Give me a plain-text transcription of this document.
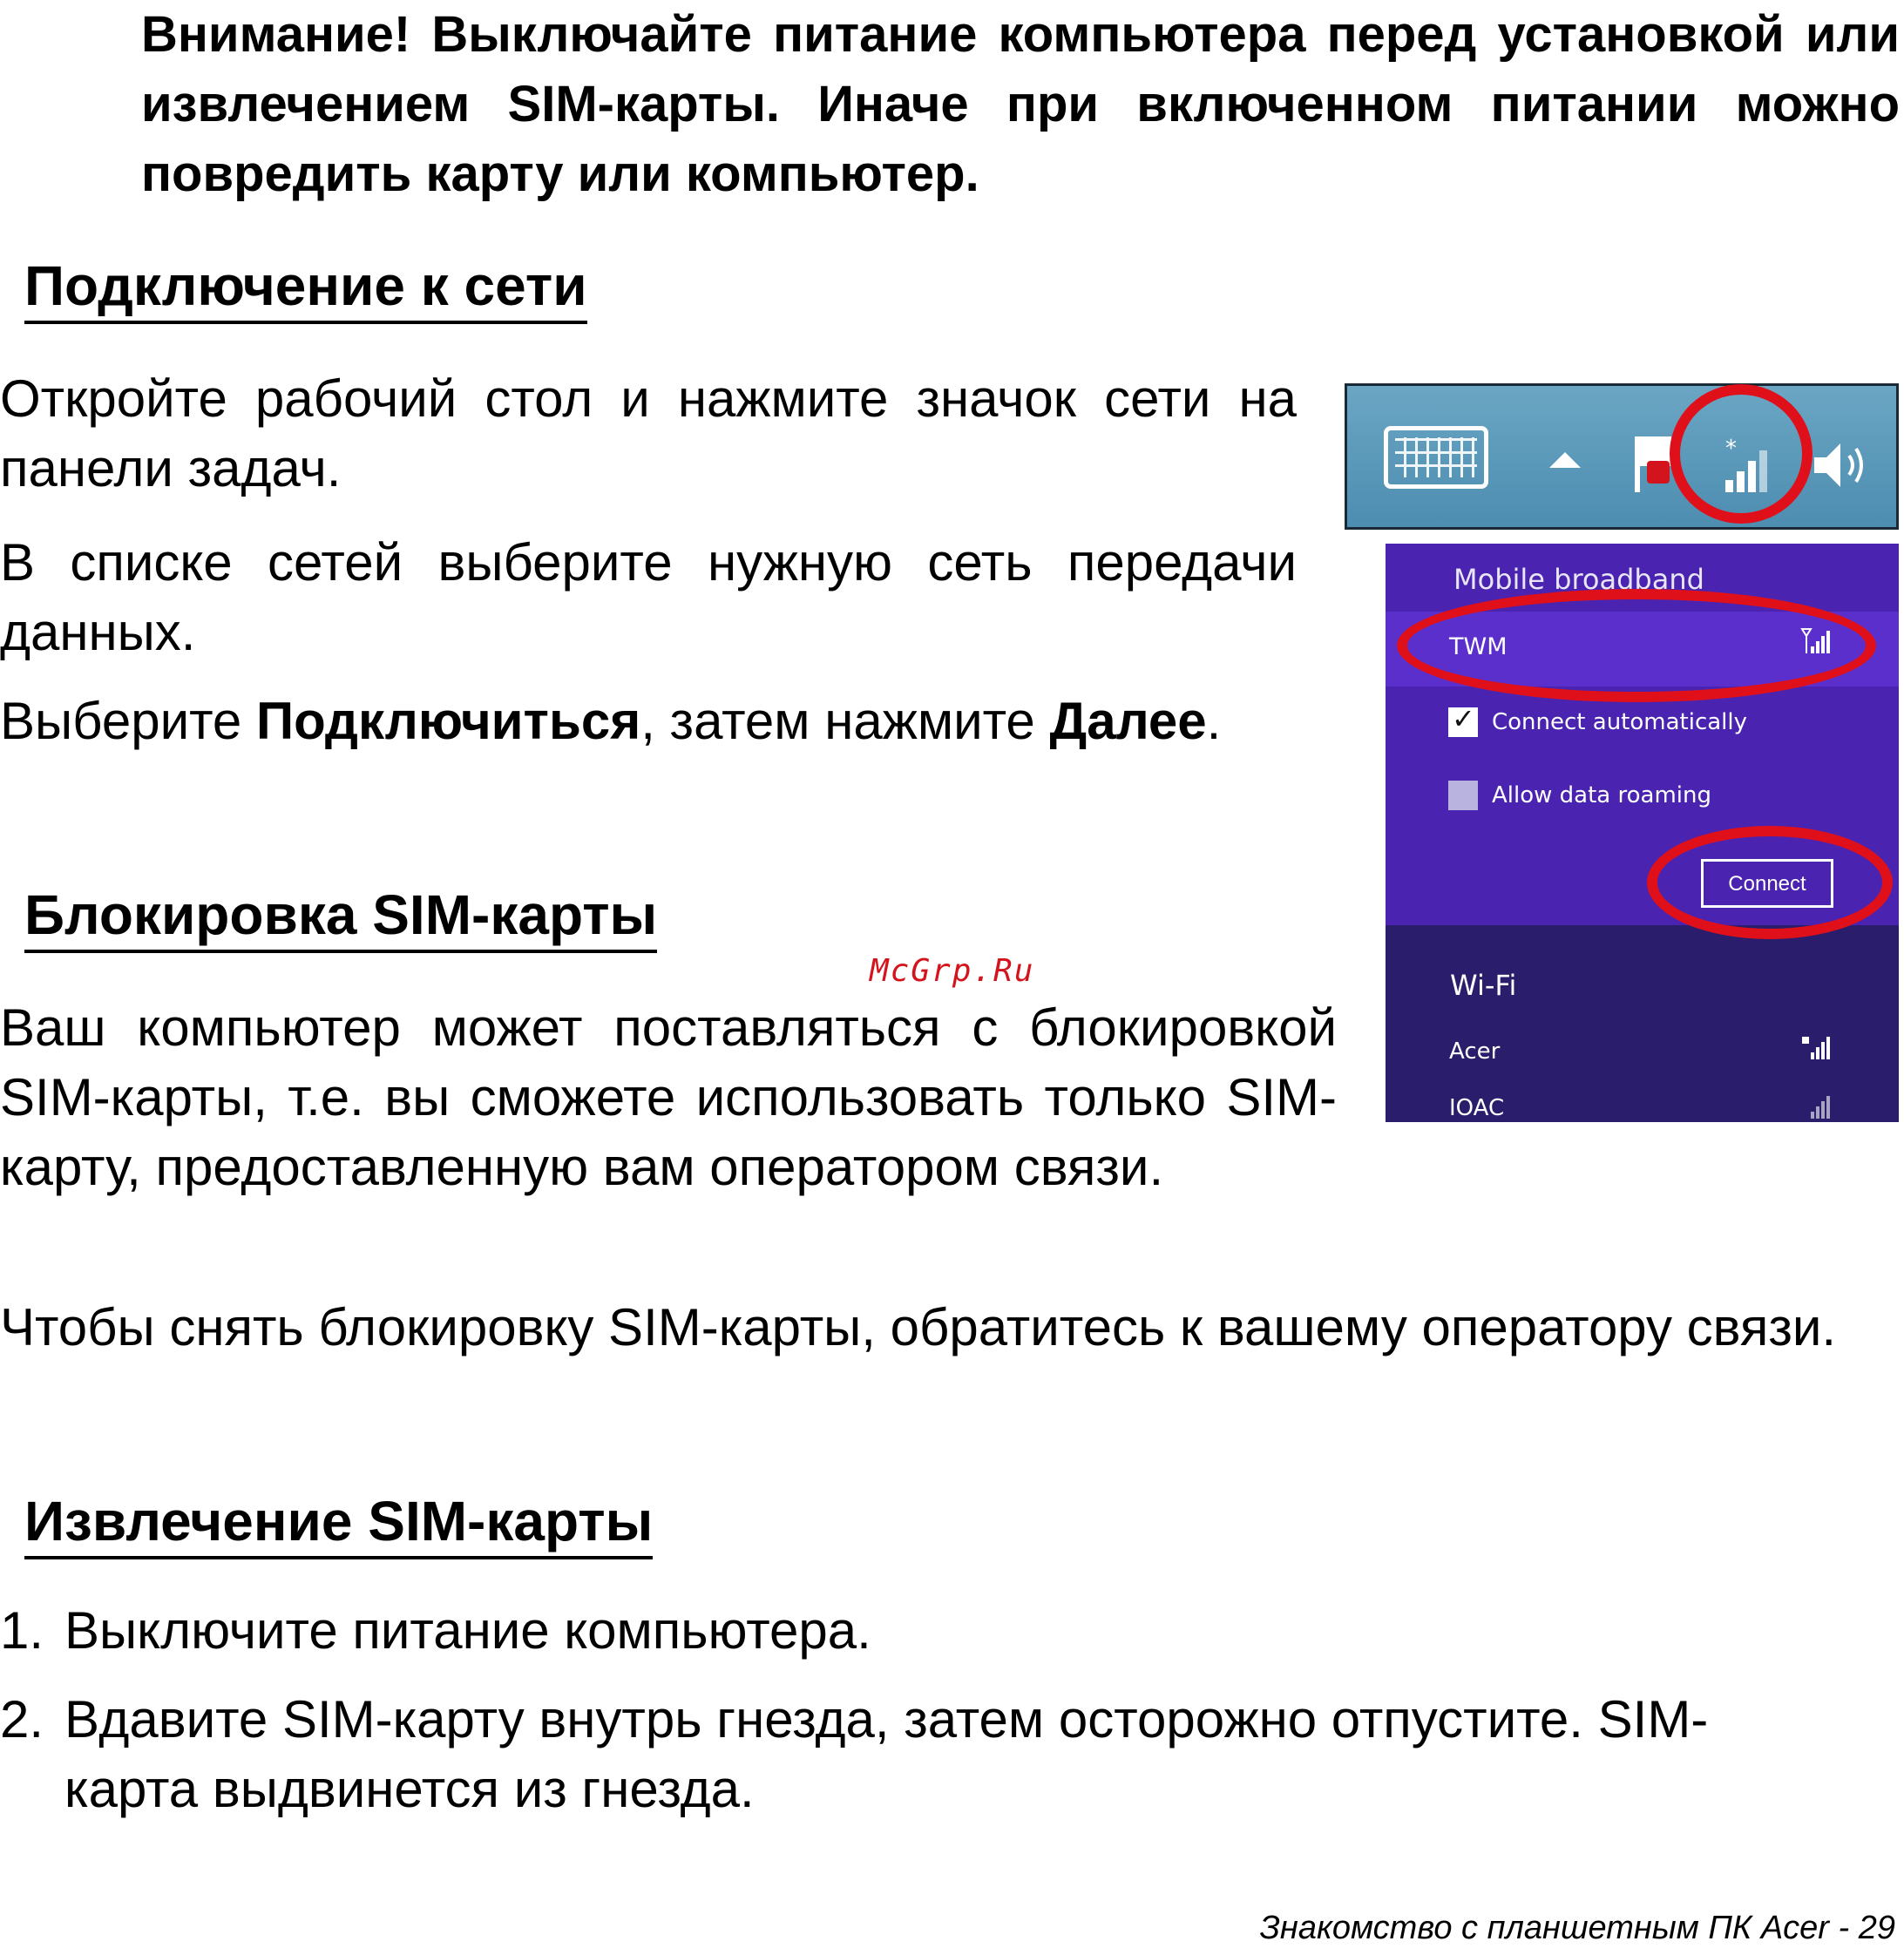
Внимание! Выключайте питание компьютера перед установкой или извлечением SIM-карты. Иначе при включенном питании можно повредить карту или компьютер.
Подключение к сети
Откройте рабочий стол и нажмите значок сети на панели задач.
В списке сетей выберите нужную сеть передачи данных.
Выберите Подключиться, затем нажмите Далее.
Блокировка SIM-карты
McGrp.Ru
Ваш компьютер может поставляться с блокировкой SIM-карты, т.е. вы сможете использовать только SIM-карту, предоставленную вам оператором связи.
Чтобы снять блокировку SIM-карты, обратитесь к вашему оператору связи.
Извлечение SIM-карты
1. Выключите питание компьютера.
2. Вдавите SIM-карту внутрь гнезда, затем осторожно отпустите. SIM-
карта выдвинется из гнезда.
Знакомство с планшетным ПК Acer - 29
*
Mobile broadband
TWM
✓ Connect automatically
Allow data roaming
Connect
Wi-Fi
Acer
IOAC
